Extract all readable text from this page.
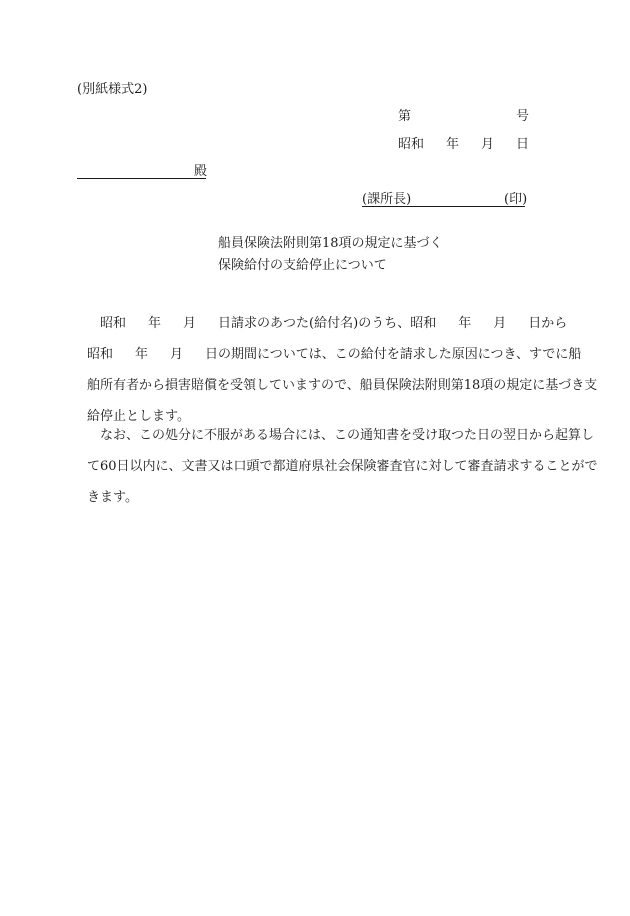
(別紙様式2)
第	号
昭和 年 月 日
殿
(課所長)	(印)
船員保険法附則第18項の規定に基づく
保険給付の支給停止について
昭和 年 月 日請求のあつた(給付名)のうち、昭和 年 月 日から
昭和 年 月 日の期間については、この給付を請求した原因につき、すでに船
舶所有者から損害賠償を受領していますので、船員保険法附則第18項の規定に基づき支
給停止とします。
なお、この処分に不服がある場合には、この通知書を受け取つた日の翌日から起算し
て60日以内に、文書又は口頭で都道府県社会保険審査官に対して審査請求することがで
きます。
